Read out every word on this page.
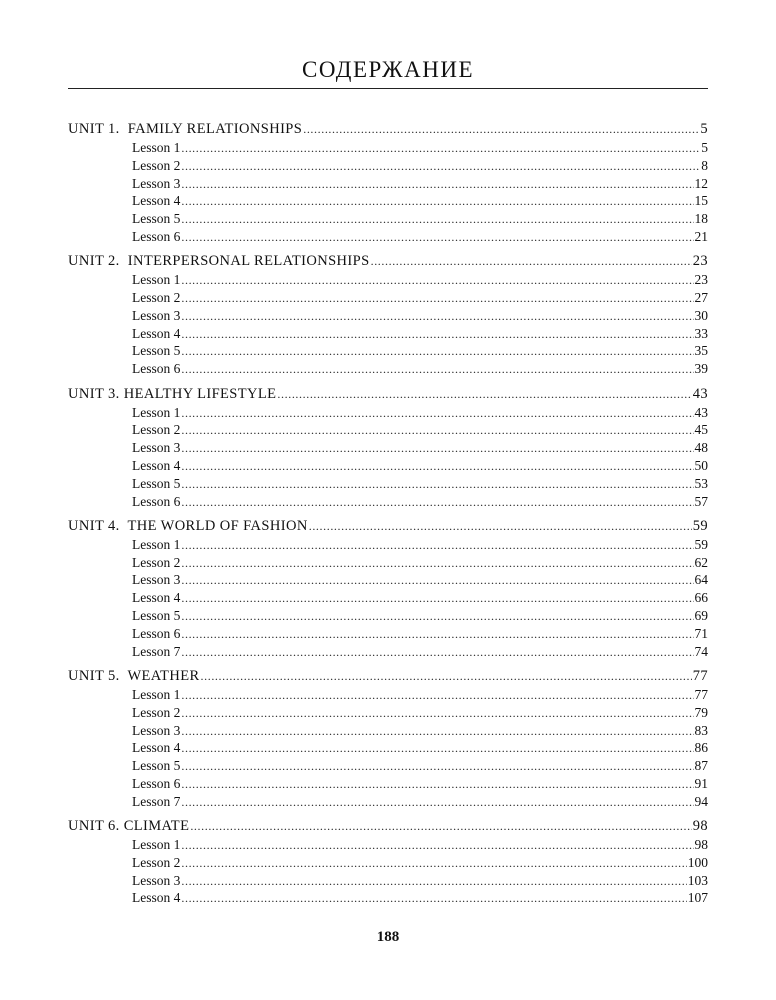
СОДЕРЖАНИЕ
UNIT 1.  FAMILY RELATIONSHIPS .....	5
Lesson 1 .....	5
Lesson 2 .....	8
Lesson 3 .....	12
Lesson 4 .....	15
Lesson 5 .....	18
Lesson 6 .....	21
UNIT 2.  INTERPERSONAL RELATIONSHIPS .....	23
Lesson 1 .....	23
Lesson 2 .....	27
Lesson 3 .....	30
Lesson 4 .....	33
Lesson 5 .....	35
Lesson 6 .....	39
UNIT 3. HEALTHY LIFESTYLE .....	43
Lesson 1 .....	43
Lesson 2 .....	45
Lesson 3 .....	48
Lesson 4 .....	50
Lesson 5 .....	53
Lesson 6 .....	57
UNIT 4.  THE WORLD OF FASHION .....	59
Lesson 1 .....	59
Lesson 2 .....	62
Lesson 3 .....	64
Lesson 4 .....	66
Lesson 5 .....	69
Lesson 6 .....	71
Lesson 7 .....	74
UNIT 5.  WEATHER .....	77
Lesson 1 .....	77
Lesson 2 .....	79
Lesson 3 .....	83
Lesson 4 .....	86
Lesson 5 .....	87
Lesson 6 .....	91
Lesson 7 .....	94
UNIT 6. CLIMATE .....	98
Lesson 1 .....	98
Lesson 2 .....	100
Lesson 3 .....	103
Lesson 4 .....	107
188
